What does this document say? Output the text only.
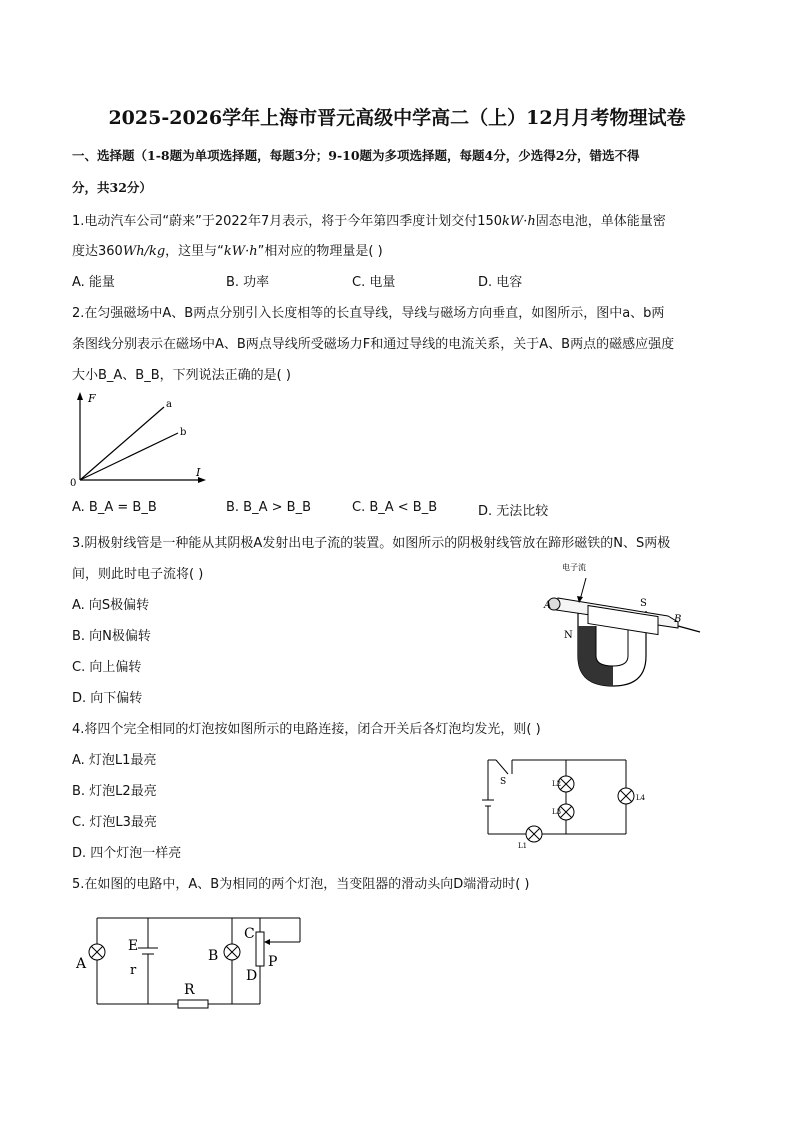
2025-2026学年上海市晋元高级中学高二（上）12月月考物理试卷
一、选择题（1-8题为单项选择题，每题3分；9-10题为多项选择题，每题4分，少选得2分，错选不得
分，共32分）
1.电动汽车公司“蔚来”于2022年7月表示，将于今年第四季度计划交付150kW·h固态电池，单体能量密
度达360Wh/kg，这里与“kW·h”相对应的物理量是( )
A. 能量	B. 功率	C. 电量	D. 电容
2.在匀强磁场中A、B两点分别引入长度相等的长直导线，导线与磁场方向垂直，如图所示，图中a、b两
条图线分别表示在磁场中A、B两点导线所受磁场力F和通过导线的电流关系，关于A、B两点的磁感应强度
大小B_A、B_B，下列说法正确的是( )
F
I
0
a
b
A. B_A = B_B	B. B_A > B_B	C. B_A < B_B	D. 无法比较
3.阴极射线管是一种能从其阴极A发射出电子流的装置。如图所示的阴极射线管放在蹄形磁铁的N、S两极
间，则此时电子流将( )
A. 向S极偏转
B. 向N极偏转
C. 向上偏转
D. 向下偏转
电子流
A
B
S
N
4.将四个完全相同的灯泡按如图所示的电路连接，闭合开关后各灯泡均发光，则( )
A. 灯泡L1最亮
B. 灯泡L2最亮
C. 灯泡L3最亮
D. 四个灯泡一样亮
S	L2
L3
L4
L1
5.在如图的电路中，A、B为相同的两个灯泡，当变阻器的滑动头向D端滑动时( )
A	B
C
D
E
r
P
R
